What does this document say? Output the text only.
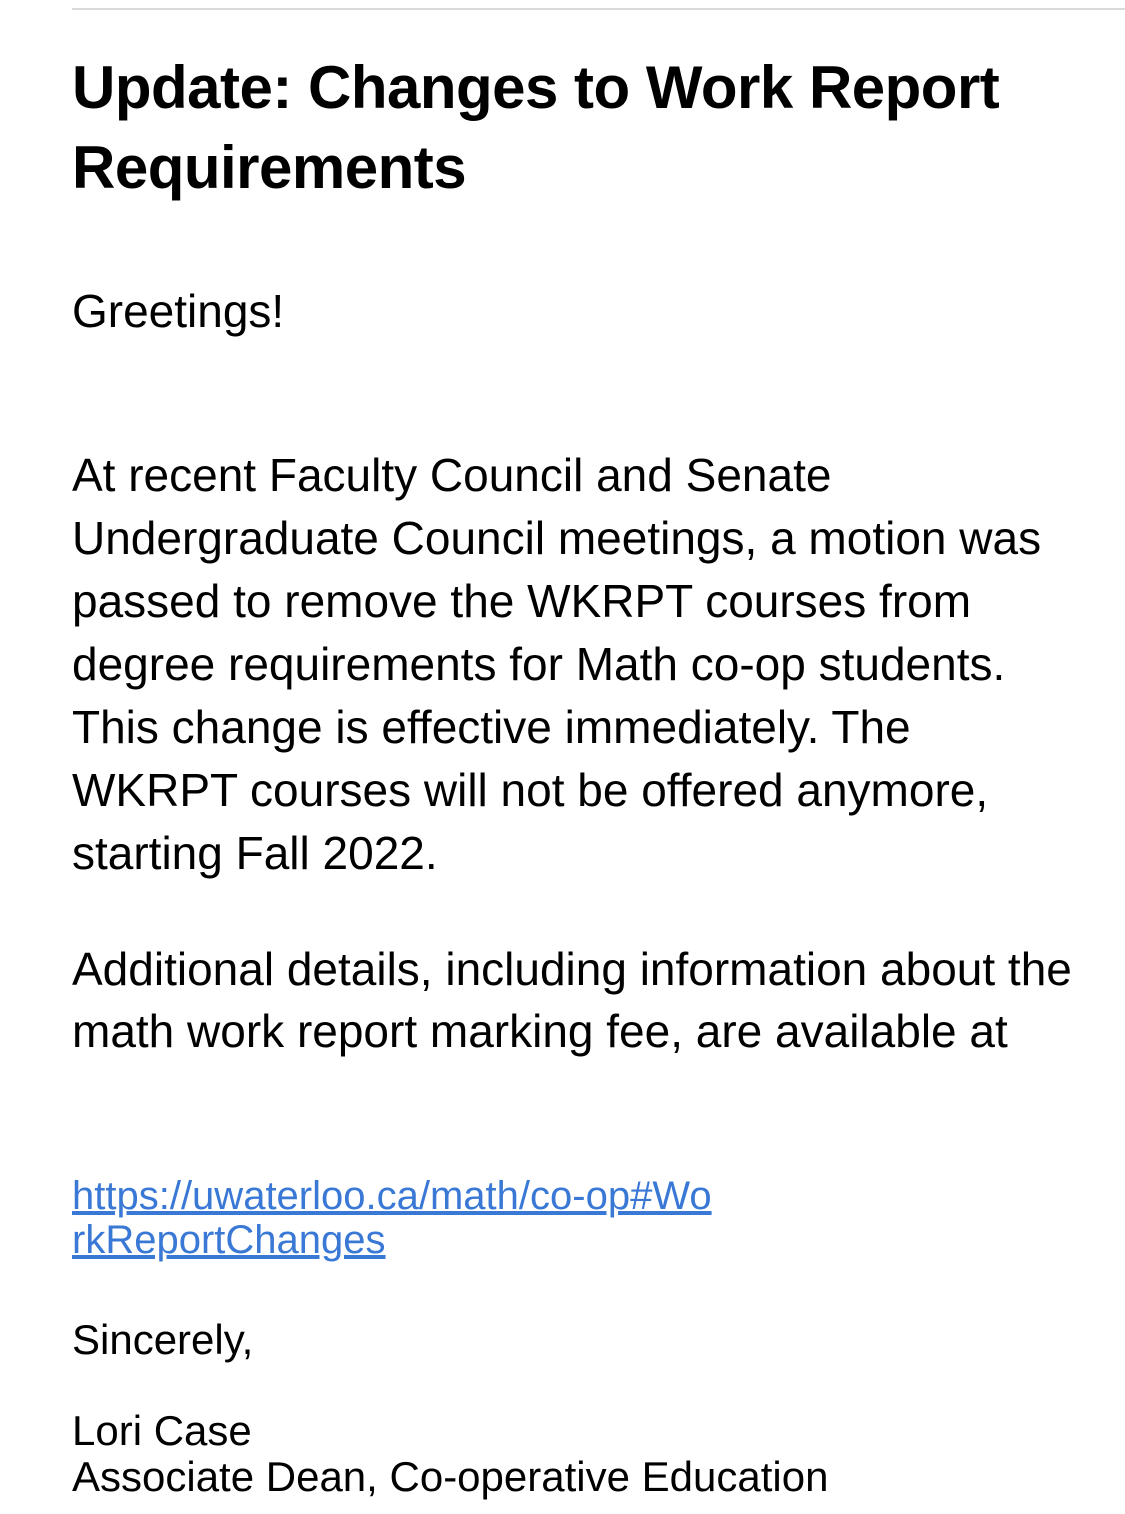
Update: Changes to Work Report Requirements

Greetings!

At recent Faculty Council and Senate Undergraduate Council meetings, a motion was passed to remove the WKRPT courses from degree requirements for Math co-op students. This change is effective immediately. The WKRPT courses will not be offered anymore, starting Fall 2022.

Additional details, including information about the math work report marking fee, are available at

https://uwaterloo.ca/math/co-op#WorkReportChanges

Sincerely,

Lori Case
Associate Dean, Co-operative Education
